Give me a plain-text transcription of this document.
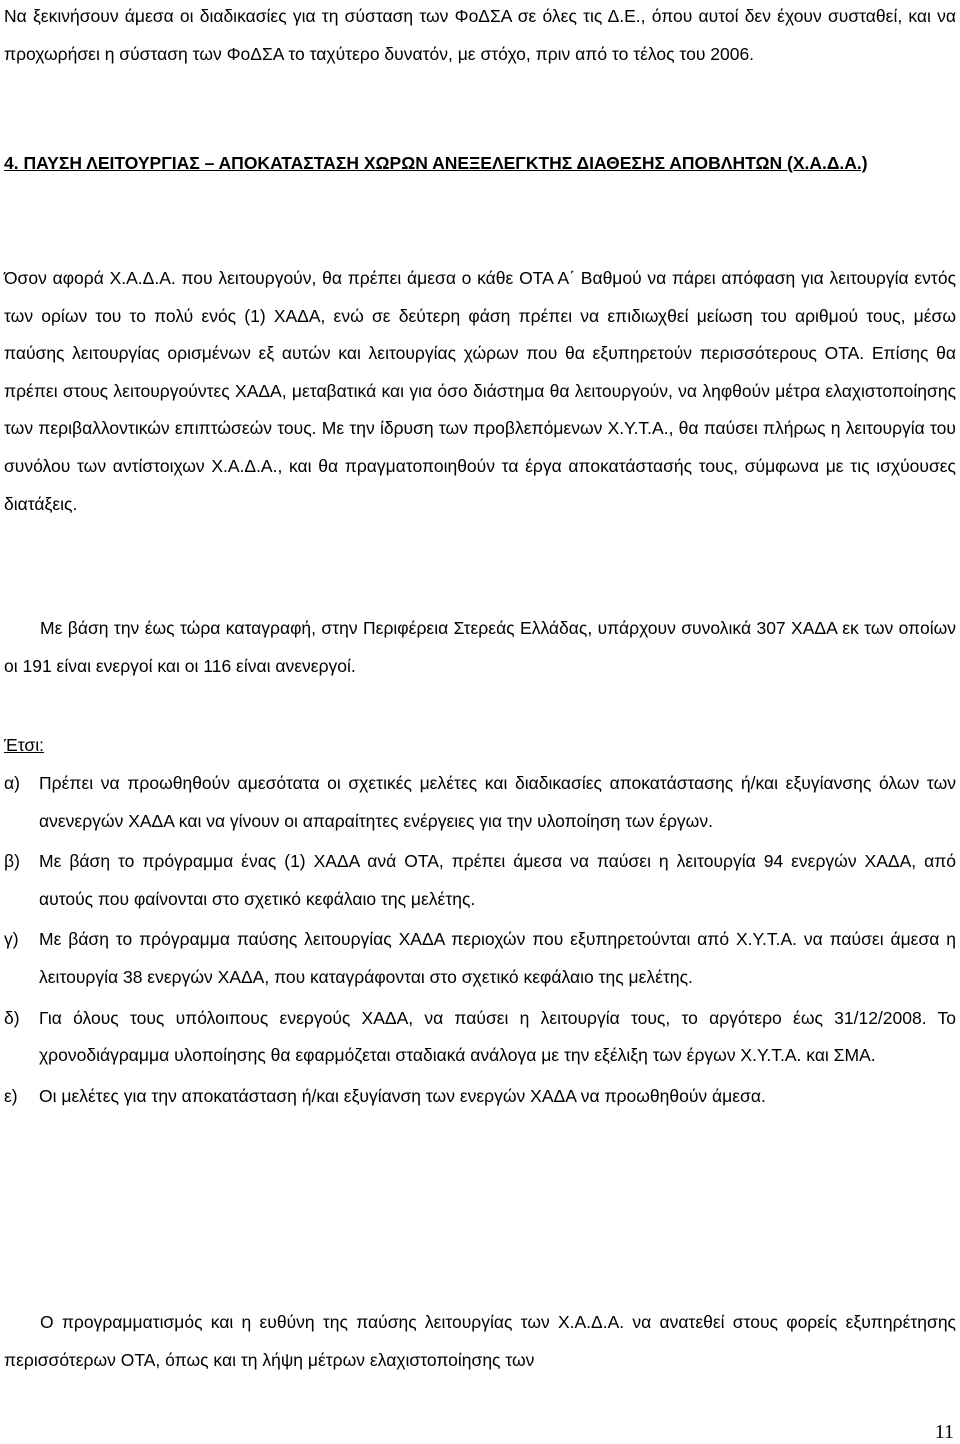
Να ξεκινήσουν άμεσα οι διαδικασίες για τη σύσταση των ΦοΔΣΑ σε όλες τις Δ.Ε., όπου αυτοί δεν έχουν συσταθεί, και να προχωρήσει η σύσταση των ΦοΔΣΑ το ταχύτερο δυνατόν, με στόχο, πριν από το τέλος του 2006.
4. ΠΑΥΣΗ ΛΕΙΤΟΥΡΓΙΑΣ – ΑΠΟΚΑΤΑΣΤΑΣΗ ΧΩΡΩΝ ΑΝΕΞΕΛΕΓΚΤΗΣ ΔΙΑΘΕΣΗΣ ΑΠΟΒΛΗΤΩΝ (Χ.Α.Δ.Α.)
Όσον αφορά Χ.Α.Δ.Α. που λειτουργούν, θα πρέπει άμεσα ο κάθε ΟΤΑ Α΄ Βαθμού να πάρει απόφαση για λειτουργία εντός των ορίων του το πολύ ενός (1) ΧΑΔΑ, ενώ σε δεύτερη φάση πρέπει να επιδιωχθεί μείωση του αριθμού τους, μέσω παύσης λειτουργίας ορισμένων εξ αυτών και λειτουργίας χώρων που θα εξυπηρετούν περισσότερους ΟΤΑ. Επίσης θα πρέπει στους λειτουργούντες ΧΑΔΑ, μεταβατικά και για όσο διάστημα θα λειτουργούν, να ληφθούν μέτρα ελαχιστοποίησης των περιβαλλοντικών επιπτώσεών τους. Με την ίδρυση των προβλεπόμενων Χ.Υ.Τ.Α., θα παύσει πλήρως η λειτουργία του συνόλου των αντίστοιχων Χ.Α.Δ.Α., και θα πραγματοποιηθούν τα έργα αποκατάστασής τους, σύμφωνα με τις ισχύουσες διατάξεις.
Με βάση την έως τώρα καταγραφή, στην Περιφέρεια Στερεάς Ελλάδας, υπάρχουν συνολικά 307 ΧΑΔΑ εκ των οποίων οι 191 είναι ενεργοί και οι 116 είναι ανενεργοί.
Έτσι:
α)	Πρέπει να προωθηθούν αμεσότατα οι σχετικές μελέτες και διαδικασίες αποκατάστασης ή/και εξυγίανσης όλων των ανενεργών ΧΑΔΑ και να γίνουν οι απαραίτητες ενέργειες για την υλοποίηση των έργων.
β)	Με βάση το πρόγραμμα ένας (1) ΧΑΔΑ ανά ΟΤΑ, πρέπει άμεσα να παύσει η λειτουργία 94 ενεργών ΧΑΔΑ, από αυτούς που φαίνονται στο σχετικό κεφάλαιο της μελέτης.
γ)	Με βάση το πρόγραμμα παύσης λειτουργίας ΧΑΔΑ περιοχών που εξυπηρετούνται από Χ.Υ.Τ.Α. να παύσει άμεσα η λειτουργία 38 ενεργών ΧΑΔΑ, που καταγράφονται στο σχετικό κεφάλαιο της μελέτης.
δ)	Για όλους τους υπόλοιπους ενεργούς ΧΑΔΑ, να παύσει η λειτουργία τους, το αργότερο έως 31/12/2008. Το χρονοδιάγραμμα υλοποίησης θα εφαρμόζεται σταδιακά ανάλογα με την εξέλιξη των έργων Χ.Υ.Τ.Α. και ΣΜΑ.
ε)	Οι μελέτες για την αποκατάσταση ή/και εξυγίανση των ενεργών ΧΑΔΑ να προωθηθούν άμεσα.
Ο προγραμματισμός και η ευθύνη της παύσης λειτουργίας των Χ.Α.Δ.Α. να ανατεθεί στους φορείς εξυπηρέτησης περισσότερων ΟΤΑ, όπως και τη λήψη μέτρων ελαχιστοποίησης των
11
